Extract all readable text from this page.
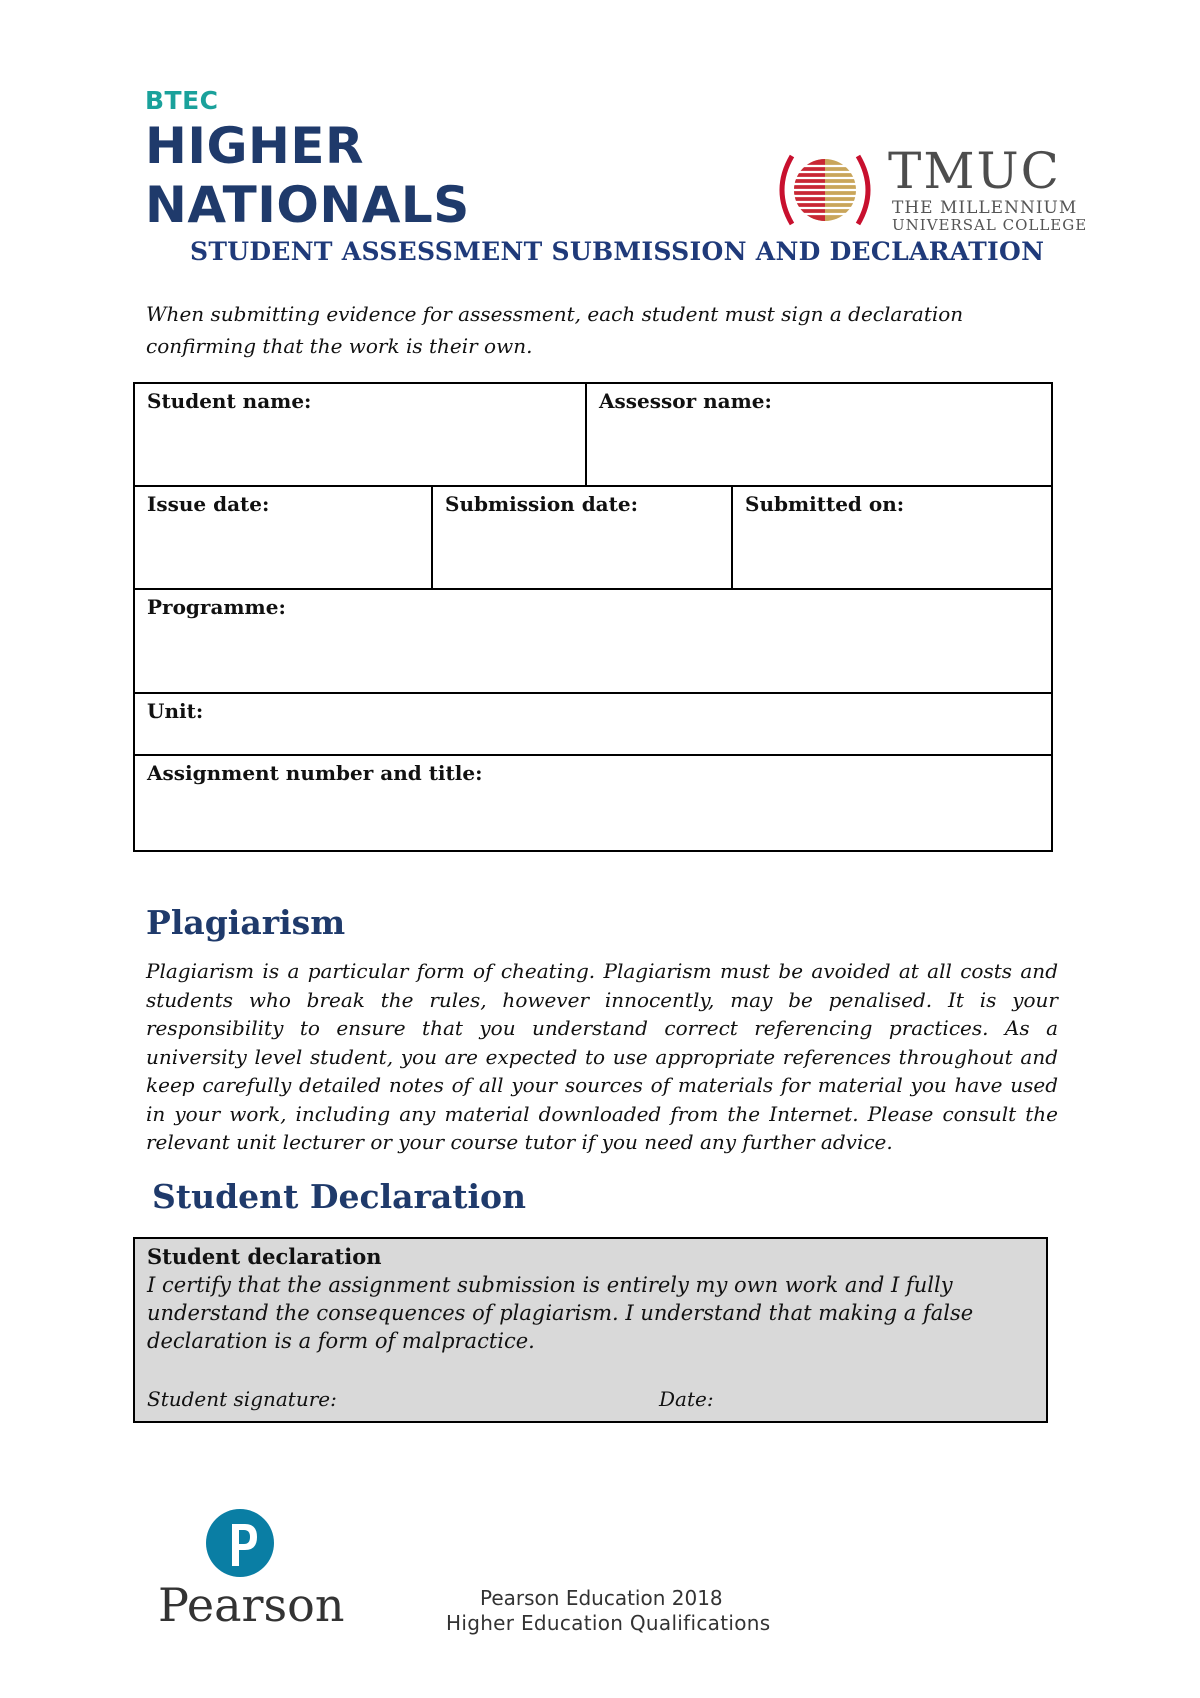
BTEC
HIGHER
NATIONALS
TMUC
THE MILLENNIUM
UNIVERSAL COLLEGE
STUDENT ASSESSMENT SUBMISSION AND DECLARATION
When submitting evidence for assessment, each student must sign a declaration confirming that the work is their own.
Student name:	Assessor name:
Issue date:	Submission date:	Submitted on:
Programme:
Unit:
Assignment number and title:
Plagiarism
Plagiarism is a particular form of cheating. Plagiarism must be avoided at all costs and students who break the rules, however innocently, may be penalised. It is your responsibility to ensure that you understand correct referencing practices. As a university level student, you are expected to use appropriate references throughout and keep carefully detailed notes of all your sources of materials for material you have used in your work, including any material downloaded from the Internet. Please consult the relevant unit lecturer or your course tutor if you need any further advice.
Student Declaration
Student declaration
I certify that the assignment submission is entirely my own work and I fully understand the consequences of plagiarism. I understand that making a false declaration is a form of malpractice.
Student signature:	Date:
Pearson	Pearson Education 2018
Higher Education Qualifications
